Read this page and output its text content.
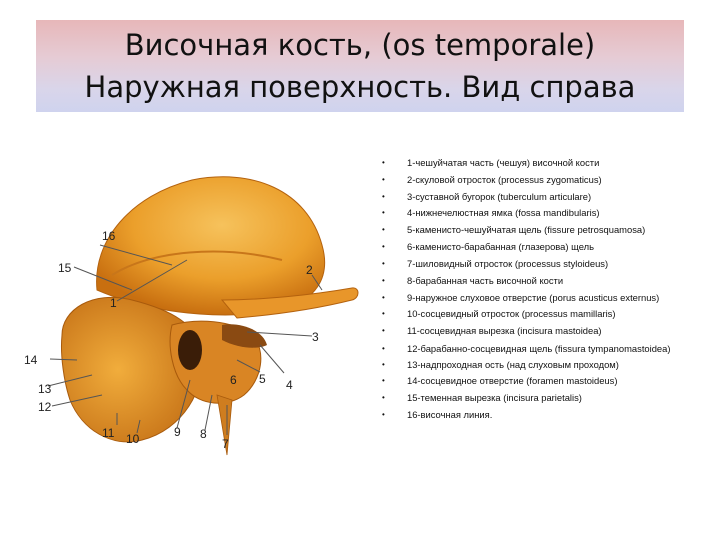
Височная кость, (os temporale)
Наружная поверхность. Вид справа
16
15
1
3
14
13
12
11 10	9 8
7
6 5 4
2
• 1-чешуйчатая часть (чешуя) височной кости
• 2-скуловой отросток (processus zygomaticus)
• 3-суставной бугорок (tuberculum articulare)
• 4-нижнечелюстная ямка (fossa mandibularis)
• 5-каменисто-чешуйчатая щель (fissure petrosquamosa)
• 6-каменисто-барабанная (глазерова) щель
• 7-шиловидный отросток (processus styloideus)
• 8-барабанная часть височной кости
• 9-наружное слуховое отверстие (porus acusticus externus)
• 10-сосцевидный отросток (processus mamillaris)
• 11-сосцевидная вырезка (incisura mastoidea)
• 12-барабанно-сосцевидная щель (fissura tympanomastoidea)
• 13-надпроходная ость (над слуховым проходом)
• 14-сосцевидное отверстие (foramen mastoideus)
• 15-теменная вырезка (incisura parietalis)
• 16-височная линия.
